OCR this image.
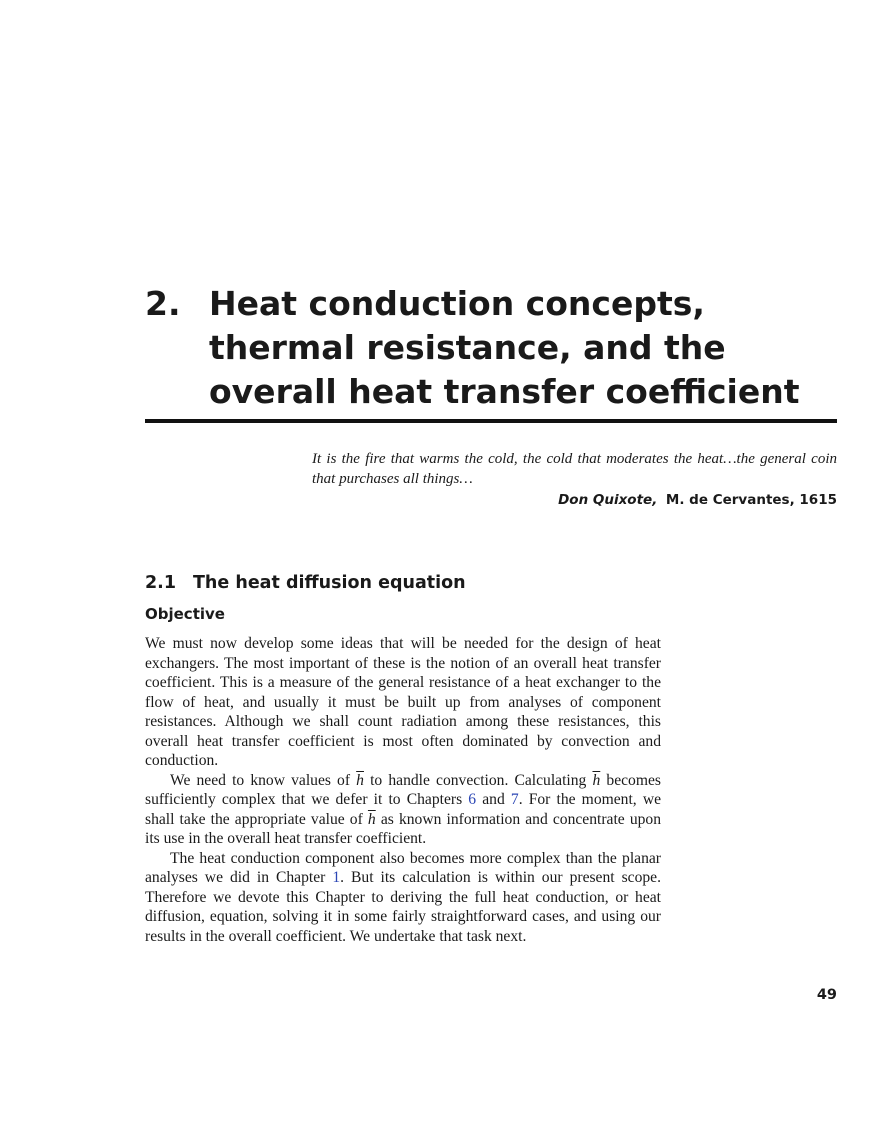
2. Heat conduction concepts,
thermal resistance, and the
overall heat transfer coefficient

It is the fire that warms the cold, the cold that moderates the heat…the general coin that purchases all things…

Don Quixote, M. de Cervantes, 1615

2.1 The heat diffusion equation
Objective

We must now develop some ideas that will be needed for the design of heat exchangers. The most important of these is the notion of an overall heat transfer coefficient. This is a measure of the general resistance of a heat exchanger to the flow of heat, and usually it must be built up from analyses of component resistances. Although we shall count radiation among these resistances, this overall heat transfer coefficient is most often dominated by convection and conduction.

We need to know values of $\overline{h}$ to handle convection. Calculating $\overline{h}$ becomes sufficiently complex that we defer it to Chapters 6 and 7. For the moment, we shall take the appropriate value of $\overline{h}$ as known information and concentrate upon its use in the overall heat transfer coefficient.

The heat conduction component also becomes more complex than the planar analyses we did in Chapter 1. But its calculation is within our present scope. Therefore we devote this Chapter to deriving the full heat conduction, or heat diffusion, equation, solving it in some fairly straightforward cases, and using our results in the overall coefficient. We undertake that task next.

49
